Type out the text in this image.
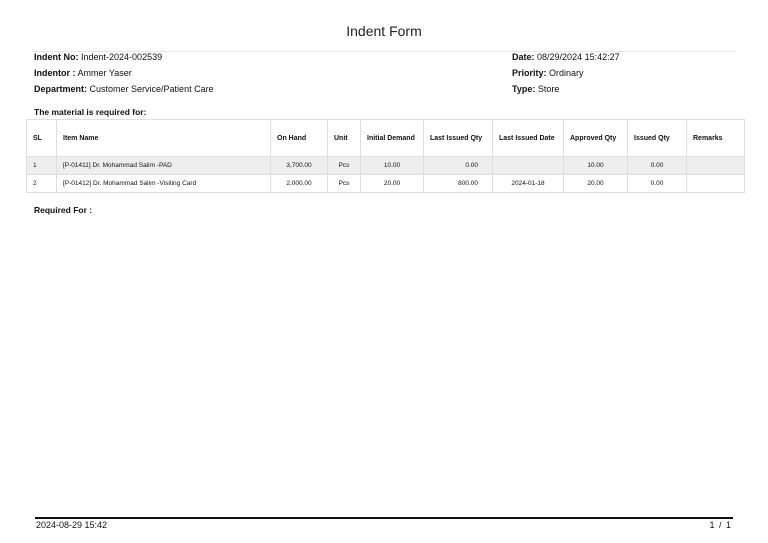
Indent Form
Indent No: Indent-2024-002539
Indentor : Ammer Yaser
Department: Customer Service/Patient Care
Date: 08/29/2024 15:42:27
Priority: Ordinary
Type: Store
The material is required for:
SL	Item Name	On Hand	Unit	Initial Demand	Last Issued Qty	Last Issued Date	Approved Qty	Issued Qty	Remarks
1	[P-01411] Dr. Mohammad Salim -PAD	3,700.00	Pcs	10.00	0.00		10.00	0.00	
2	[P-01412] Dr. Mohammad Salim -Visiting Card	2,000.00	Pcs	20.00	800.00	2024-01-18	20.00	0.00	
Required For :
2024-08-29 15:42	1 / 1
